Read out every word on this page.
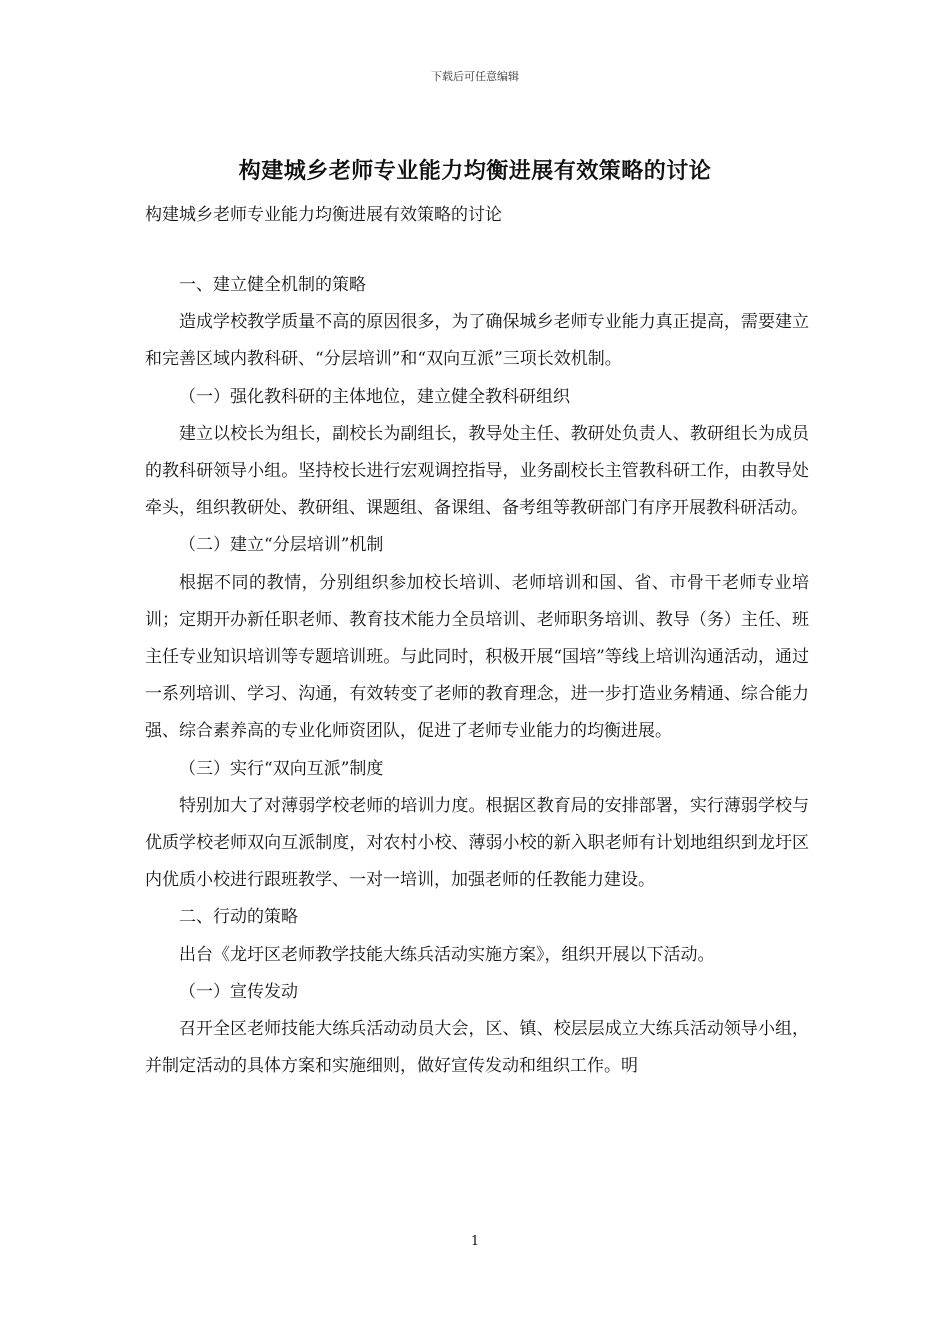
下载后可任意编辑
构建城乡老师专业能力均衡进展有效策略的讨论
构建城乡老师专业能力均衡进展有效策略的讨论

一、建立健全机制的策略

造成学校教学质量不高的原因很多，为了确保城乡老师专业能力真正提高，需要建立和完善区域内教科研、“分层培训”和“双向互派”三项长效机制。

（一）强化教科研的主体地位，建立健全教科研组织

建立以校长为组长，副校长为副组长，教导处主任、教研处负责人、教研组长为成员的教科研领导小组。坚持校长进行宏观调控指导，业务副校长主管教科研工作，由教导处牵头，组织教研处、教研组、课题组、备课组、备考组等教研部门有序开展教科研活动。

（二）建立“分层培训”机制

根据不同的教情，分别组织参加校长培训、老师培训和国、省、市骨干老师专业培训；定期开办新任职老师、教育技术能力全员培训、老师职务培训、教导（务）主任、班主任专业知识培训等专题培训班。与此同时，积极开展“国培”等线上培训沟通活动，通过一系列培训、学习、沟通，有效转变了老师的教育理念，进一步打造业务精通、综合能力强、综合素养高的专业化师资团队，促进了老师专业能力的均衡进展。

（三）实行“双向互派”制度

特别加大了对薄弱学校老师的培训力度。根据区教育局的安排部署，实行薄弱学校与优质学校老师双向互派制度，对农村小校、薄弱小校的新入职老师有计划地组织到龙圩区内优质小校进行跟班教学、一对一培训，加强老师的任教能力建设。

二、行动的策略

出台《龙圩区老师教学技能大练兵活动实施方案》，组织开展以下活动。

（一）宣传发动

召开全区老师技能大练兵活动动员大会，区、镇、校层层成立大练兵活动领导小组，并制定活动的具体方案和实施细则，做好宣传发动和组织工作。明

1
